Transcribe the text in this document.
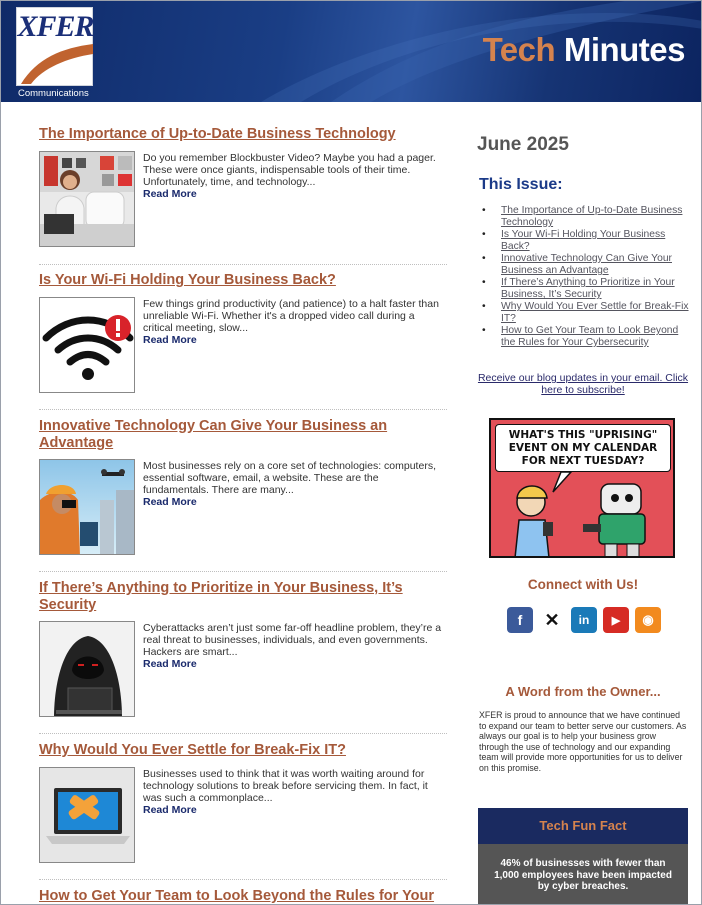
XFER
Communications
Tech Minutes
The Importance of Up-to-Date Business Technology
Do you remember Blockbuster Video? Maybe you had a pager. These were once giants, indispensable tools of their time. Unfortunately, time, and technology...
Read More
Is Your Wi-Fi Holding Your Business Back?
Few things grind productivity (and patience) to a halt faster than unreliable Wi-Fi. Whether it's a dropped video call during a critical meeting, slow...
Read More
Innovative Technology Can Give Your Business an Advantage
Most businesses rely on a core set of technologies: computers, essential software, email, a website. These are the fundamentals. There are many...
Read More
If There’s Anything to Prioritize in Your Business, It’s Security
Cyberattacks aren’t just some far-off headline problem, they’re a real threat to businesses, individuals, and even governments. Hackers are smart...
Read More
Why Would You Ever Settle for Break-Fix IT?
Businesses used to think that it was worth waiting around for technology solutions to break before servicing them. In fact, it was such a commonplace...
Read More
How to Get Your Team to Look Beyond the Rules for Your
June 2025
This Issue:
• The Importance of Up-to-Date Business Technology
• Is Your Wi-Fi Holding Your Business Back?
• Innovative Technology Can Give Your Business an Advantage
• If There’s Anything to Prioritize in Your Business, It’s Security
• Why Would You Ever Settle for Break-Fix IT?
• How to Get Your Team to Look Beyond the Rules for Your Cybersecurity
Receive our blog updates in your email. Click here to subscribe!
WHAT'S THIS "UPRISING" EVENT ON MY CALENDAR FOR NEXT TUESDAY?
Connect with Us!
f	✕	in	▶	◉
A Word from the Owner...
XFER is proud to announce that we have continued to expand our team to better serve our customers. As always our goal is to help your business grow through the use of technology and our expanding team will provide more opportunities for us to deliver on this promise.
Tech Fun Fact
46% of businesses with fewer than 1,000 employees have been impacted by cyber breaches.
